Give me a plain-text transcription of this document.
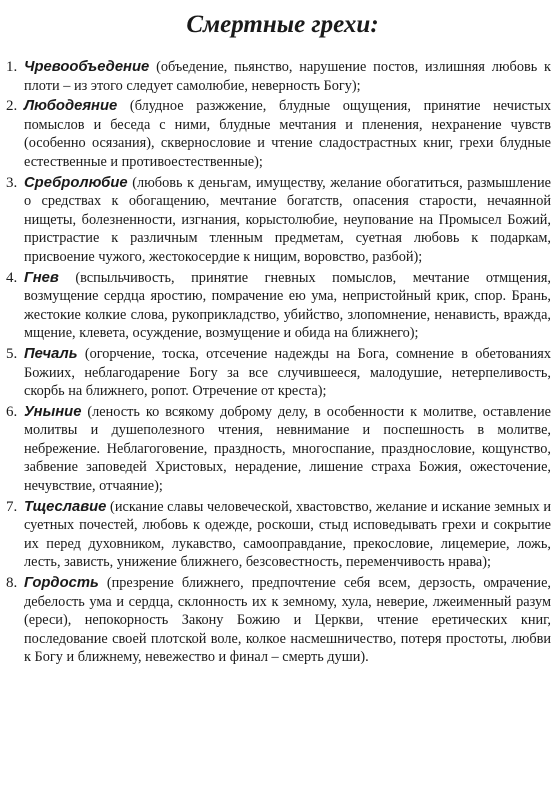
Смертные грехи:
1. Чревообъедение (объедение, пьянство, нарушение постов, излишняя любовь к плоти – из этого следует самолюбие, неверность Богу);
2. Любодеяние (блудное разжжение, блудные ощущения, принятие нечистых помыслов и беседа с ними, блудные мечтания и пленения, нехранение чувств (особенно осязания), сквернословие и чтение сладострастных книг, грехи блудные естественные и противоестественные);
3. Сребролюбие (любовь к деньгам, имуществу, желание обогатиться, размышление о средствах к обогащению, мечтание богатств, опасения старости, нечаянной нищеты, болезненности, изгнания, корыстолюбие, неупование на Промысел Божий, пристрастие к различным тленным предметам, суетная любовь к подаркам, присвоение чужого, жестокосердие к нищим, воровство, разбой);
4. Гнев (вспыльчивость, принятие гневных помыслов, мечтание отмщения, возмущение сердца яростию, помрачение ею ума, непристойный крик, спор. Брань, жестокие колкие слова, рукоприкладство, убийство, злопомнение, ненависть, вражда, мщение, клевета, осуждение, возмущение и обида на ближнего);
5. Печаль (огорчение, тоска, отсечение надежды на Бога, сомнение в обетованиях Божиих, неблагодарение Богу за все случившееся, малодушие, нетерпеливость, скорбь на ближнего, ропот. Отречение от креста);
6. Уныние (леность ко всякому доброму делу, в особенности к молитве, оставление молитвы и душеполезного чтения, невнимание и поспешность в молитве, небрежение. Неблагоговение, праздность, многоспание, празднословие, кощунство, забвение заповедей Христовых, нерадение, лишение страха Божия, ожесточение, нечувствие, отчаяние);
7. Тщеславие (искание славы человеческой, хвастовство, желание и искание земных и суетных почестей, любовь к одежде, роскоши, стыд исповедывать грехи и сокрытие их перед духовником, лукавство, самооправдание, прекословие, лицемерие, ложь, лесть, зависть, унижение ближнего, безсовестность, переменчивость нрава);
8. Гордость (презрение ближнего, предпочтение себя всем, дерзость, омрачение, дебелость ума и сердца, склонность их к земному, хула, неверие, лжеименный разум (ереси), непокорность Закону Божию и Церкви, чтение еретических книг, последование своей плотской воле, колкое насмешничество, потеря простоты, любви к Богу и ближнему, невежество и финал – смерть души).
